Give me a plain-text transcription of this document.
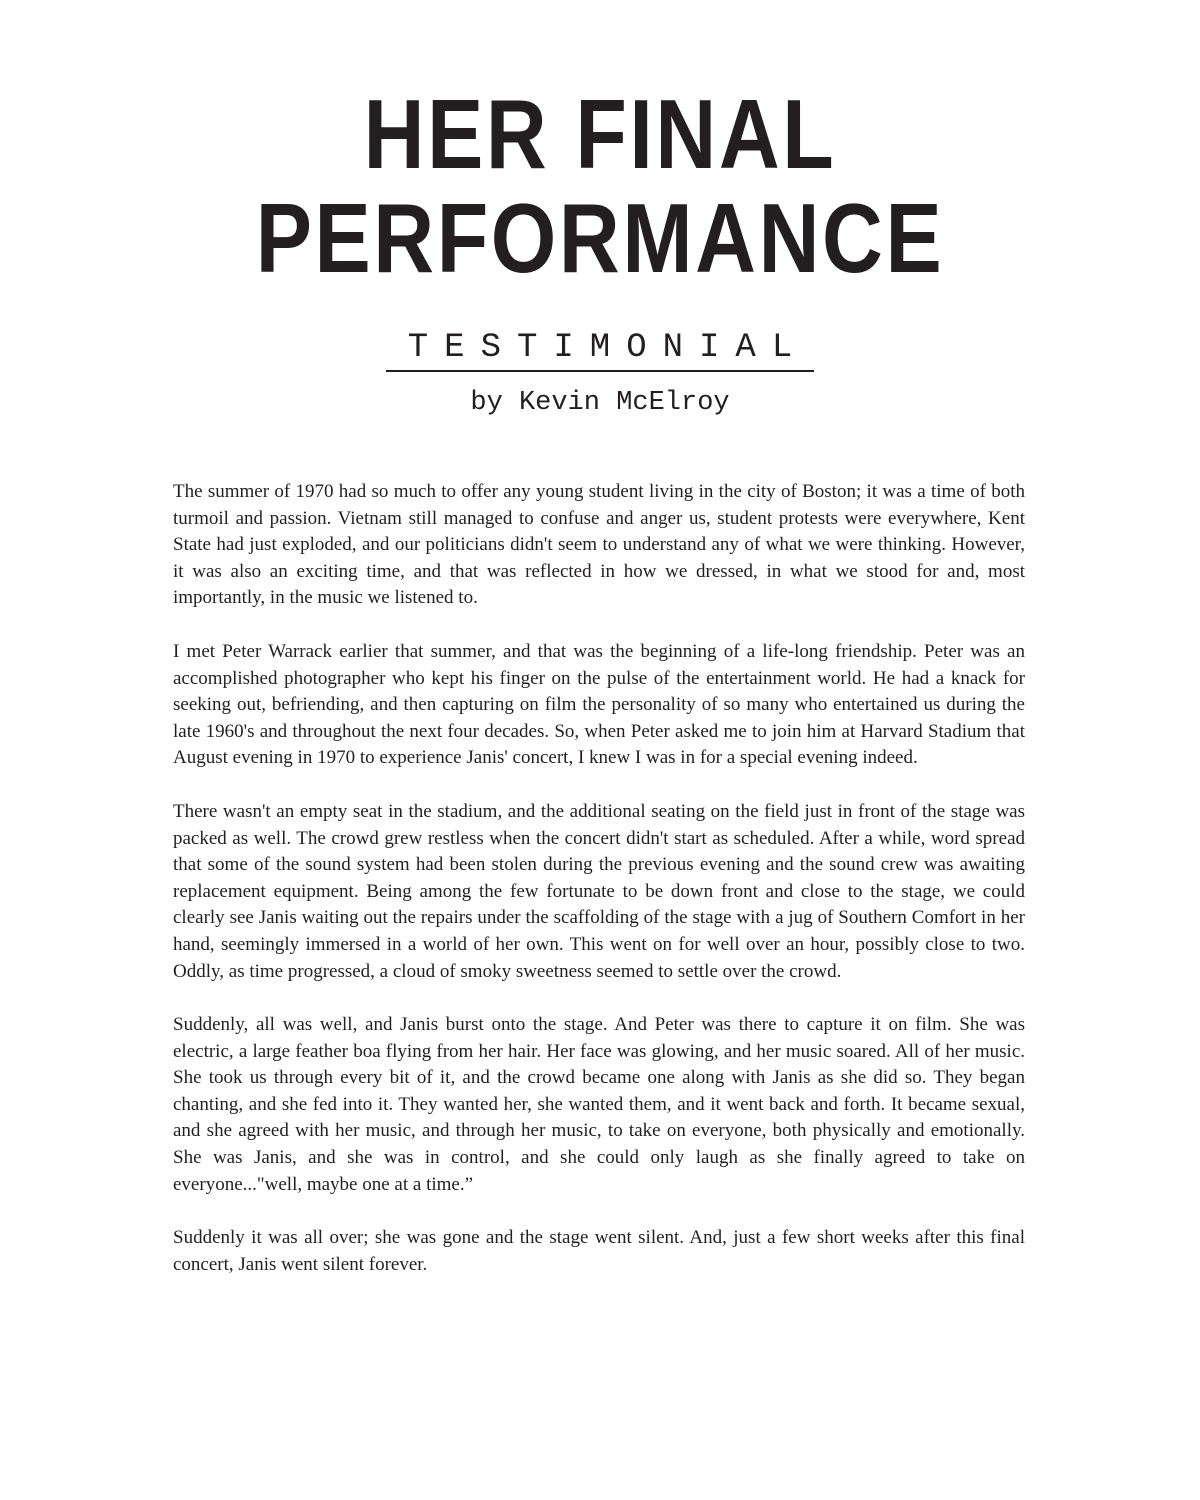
HER FINAL
PERFORMANCE
TESTIMONIAL

by Kevin McElroy

The summer of 1970 had so much to offer any young student living in the city of Boston; it was a time of both turmoil and passion. Vietnam still managed to confuse and anger us, student protests were everywhere, Kent State had just exploded, and our politicians didn't seem to understand any of what we were thinking. However, it was also an exciting time, and that was reflected in how we dressed, in what we stood for and, most importantly, in the music we listened to.

I met Peter Warrack earlier that summer, and that was the beginning of a life-long friendship. Peter was an accomplished photographer who kept his finger on the pulse of the entertainment world. He had a knack for seeking out, befriending, and then capturing on film the personality of so many who entertained us during the late 1960's and throughout the next four decades. So, when Peter asked me to join him at Harvard Stadium that August evening in 1970 to experience Janis' concert, I knew I was in for a special evening indeed.

There wasn't an empty seat in the stadium, and the additional seating on the field just in front of the stage was packed as well. The crowd grew restless when the concert didn't start as scheduled. After a while, word spread that some of the sound system had been stolen during the previous evening and the sound crew was awaiting replacement equipment. Being among the few fortunate to be down front and close to the stage, we could clearly see Janis waiting out the repairs under the scaffolding of the stage with a jug of Southern Comfort in her hand, seemingly immersed in a world of her own. This went on for well over an hour, possibly close to two. Oddly, as time progressed, a cloud of smoky sweetness seemed to settle over the crowd.

Suddenly, all was well, and Janis burst onto the stage. And Peter was there to capture it on film. She was electric, a large feather boa flying from her hair. Her face was glowing, and her music soared. All of her music. She took us through every bit of it, and the crowd became one along with Janis as she did so. They began chanting, and she fed into it. They wanted her, she wanted them, and it went back and forth. It became sexual, and she agreed with her music, and through her music, to take on everyone, both physically and emotionally. She was Janis, and she was in control, and she could only laugh as she finally agreed to take on everyone..."well, maybe one at a time.”

Suddenly it was all over; she was gone and the stage went silent. And, just a few short weeks after this final concert, Janis went silent forever.
